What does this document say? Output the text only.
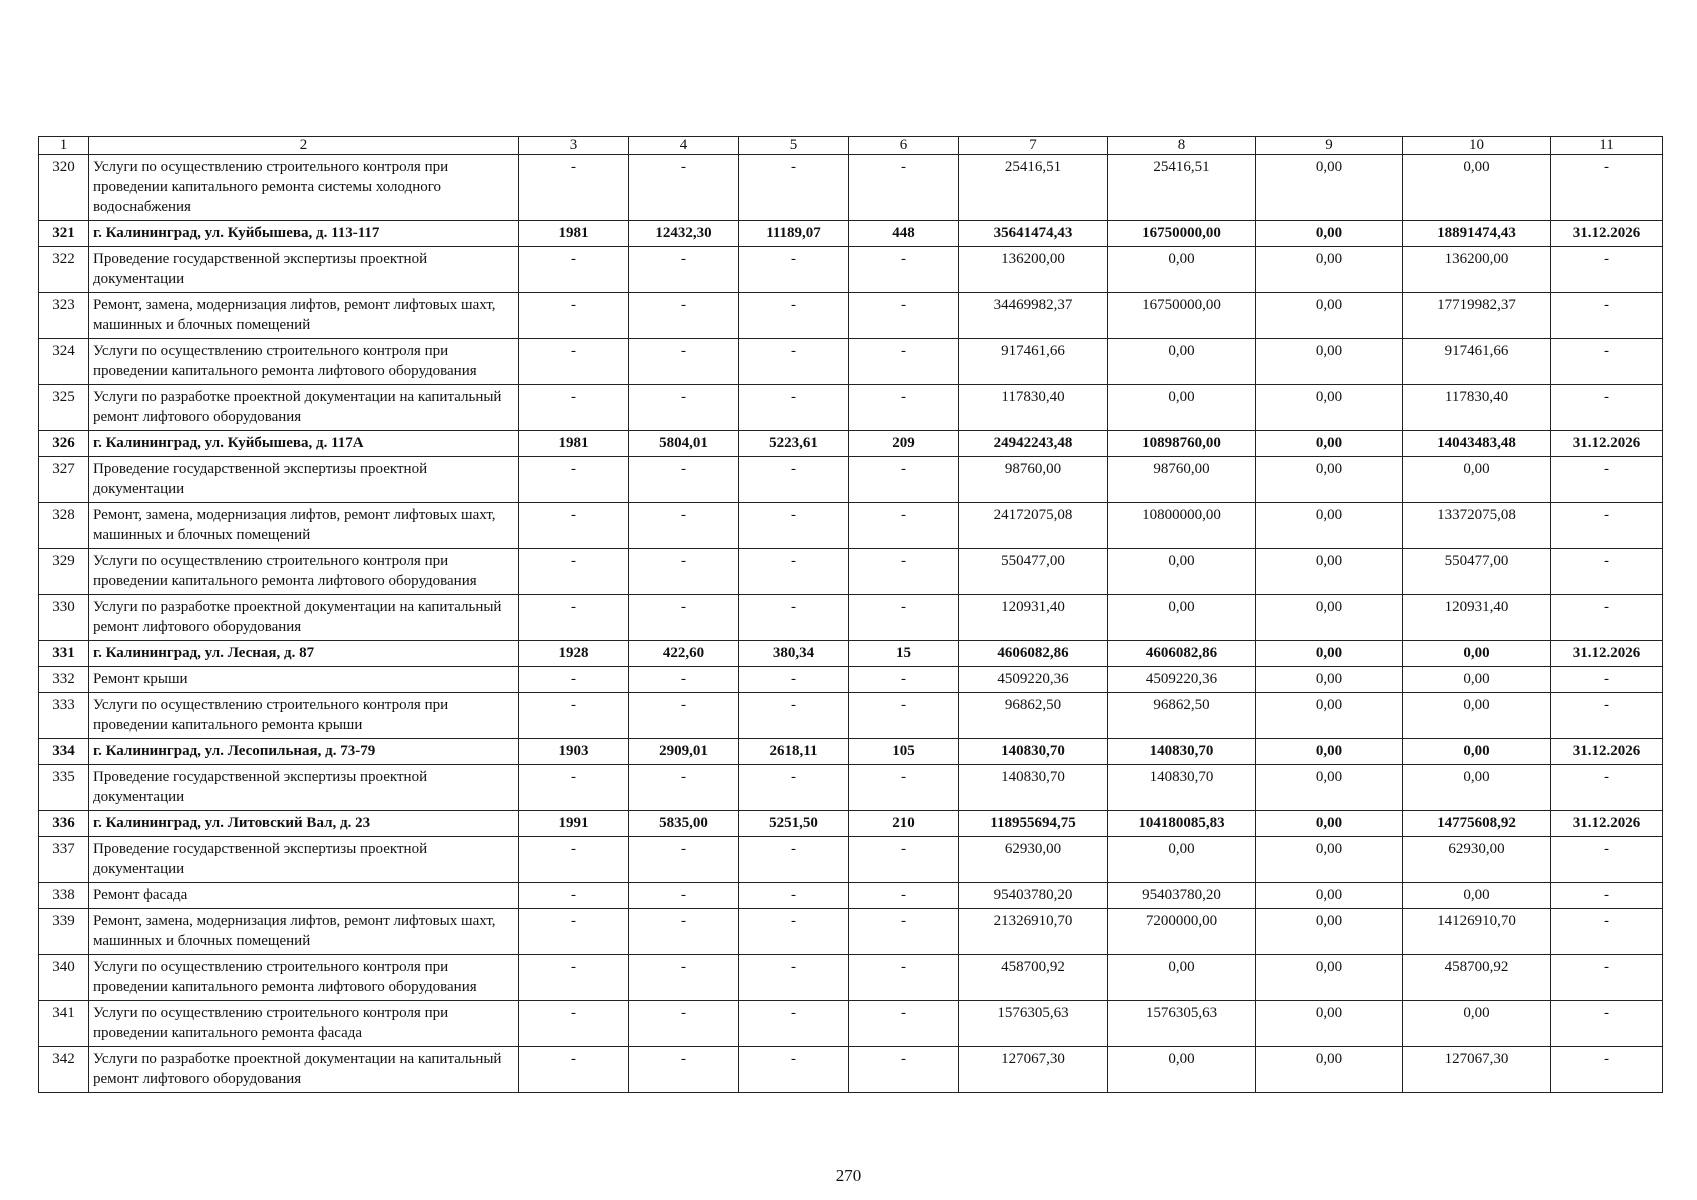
1	2	3	4	5	6	7	8	9	10	11
320	Услуги по осуществлению строительного контроля при проведении капитального ремонта системы холодного водоснабжения	-	-	-	-	25416,51	25416,51	0,00	0,00	-
321	г. Калининград, ул. Куйбышева, д. 113-117	1981	12432,30	11189,07	448	35641474,43	16750000,00	0,00	18891474,43	31.12.2026
322	Проведение государственной экспертизы проектной документации	-	-	-	-	136200,00	0,00	0,00	136200,00	-
323	Ремонт, замена, модернизация лифтов, ремонт лифтовых шахт, машинных и блочных помещений	-	-	-	-	34469982,37	16750000,00	0,00	17719982,37	-
324	Услуги по осуществлению строительного контроля при проведении капитального ремонта лифтового оборудования	-	-	-	-	917461,66	0,00	0,00	917461,66	-
325	Услуги по разработке проектной документации на капитальный ремонт лифтового оборудования	-	-	-	-	117830,40	0,00	0,00	117830,40	-
326	г. Калининград, ул. Куйбышева, д. 117А	1981	5804,01	5223,61	209	24942243,48	10898760,00	0,00	14043483,48	31.12.2026
327	Проведение государственной экспертизы проектной документации	-	-	-	-	98760,00	98760,00	0,00	0,00	-
328	Ремонт, замена, модернизация лифтов, ремонт лифтовых шахт, машинных и блочных помещений	-	-	-	-	24172075,08	10800000,00	0,00	13372075,08	-
329	Услуги по осуществлению строительного контроля при проведении капитального ремонта лифтового оборудования	-	-	-	-	550477,00	0,00	0,00	550477,00	-
330	Услуги по разработке проектной документации на капитальный ремонт лифтового оборудования	-	-	-	-	120931,40	0,00	0,00	120931,40	-
331	г. Калининград, ул. Лесная, д. 87	1928	422,60	380,34	15	4606082,86	4606082,86	0,00	0,00	31.12.2026
332	Ремонт крыши	-	-	-	-	4509220,36	4509220,36	0,00	0,00	-
333	Услуги по осуществлению строительного контроля при проведении капитального ремонта крыши	-	-	-	-	96862,50	96862,50	0,00	0,00	-
334	г. Калининград, ул. Лесопильная, д. 73-79	1903	2909,01	2618,11	105	140830,70	140830,70	0,00	0,00	31.12.2026
335	Проведение государственной экспертизы проектной документации	-	-	-	-	140830,70	140830,70	0,00	0,00	-
336	г. Калининград, ул. Литовский Вал, д. 23	1991	5835,00	5251,50	210	118955694,75	104180085,83	0,00	14775608,92	31.12.2026
337	Проведение государственной экспертизы проектной документации	-	-	-	-	62930,00	0,00	0,00	62930,00	-
338	Ремонт фасада	-	-	-	-	95403780,20	95403780,20	0,00	0,00	-
339	Ремонт, замена, модернизация лифтов, ремонт лифтовых шахт, машинных и блочных помещений	-	-	-	-	21326910,70	7200000,00	0,00	14126910,70	-
340	Услуги по осуществлению строительного контроля при проведении капитального ремонта лифтового оборудования	-	-	-	-	458700,92	0,00	0,00	458700,92	-
341	Услуги по осуществлению строительного контроля при проведении капитального ремонта фасада	-	-	-	-	1576305,63	1576305,63	0,00	0,00	-
342	Услуги по разработке проектной документации на капитальный ремонт лифтового оборудования	-	-	-	-	127067,30	0,00	0,00	127067,30	-
270
